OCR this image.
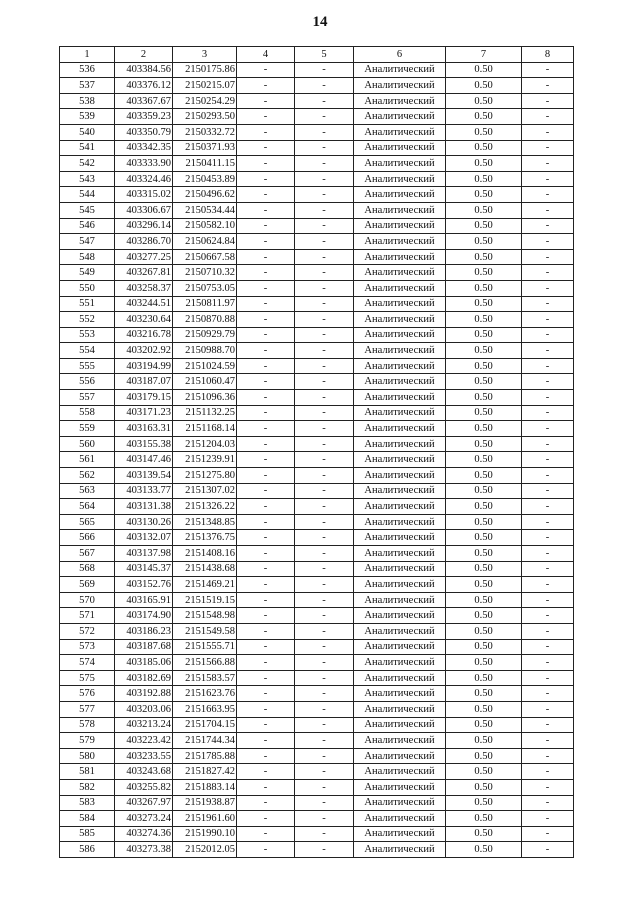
14
1	2	3	4	5	6	7	8
536	403384.56	2150175.86	-	-	Аналитический	0.50	-
537	403376.12	2150215.07	-	-	Аналитический	0.50	-
538	403367.67	2150254.29	-	-	Аналитический	0.50	-
539	403359.23	2150293.50	-	-	Аналитический	0.50	-
540	403350.79	2150332.72	-	-	Аналитический	0.50	-
541	403342.35	2150371.93	-	-	Аналитический	0.50	-
542	403333.90	2150411.15	-	-	Аналитический	0.50	-
543	403324.46	2150453.89	-	-	Аналитический	0.50	-
544	403315.02	2150496.62	-	-	Аналитический	0.50	-
545	403306.67	2150534.44	-	-	Аналитический	0.50	-
546	403296.14	2150582.10	-	-	Аналитический	0.50	-
547	403286.70	2150624.84	-	-	Аналитический	0.50	-
548	403277.25	2150667.58	-	-	Аналитический	0.50	-
549	403267.81	2150710.32	-	-	Аналитический	0.50	-
550	403258.37	2150753.05	-	-	Аналитический	0.50	-
551	403244.51	2150811.97	-	-	Аналитический	0.50	-
552	403230.64	2150870.88	-	-	Аналитический	0.50	-
553	403216.78	2150929.79	-	-	Аналитический	0.50	-
554	403202.92	2150988.70	-	-	Аналитический	0.50	-
555	403194.99	2151024.59	-	-	Аналитический	0.50	-
556	403187.07	2151060.47	-	-	Аналитический	0.50	-
557	403179.15	2151096.36	-	-	Аналитический	0.50	-
558	403171.23	2151132.25	-	-	Аналитический	0.50	-
559	403163.31	2151168.14	-	-	Аналитический	0.50	-
560	403155.38	2151204.03	-	-	Аналитический	0.50	-
561	403147.46	2151239.91	-	-	Аналитический	0.50	-
562	403139.54	2151275.80	-	-	Аналитический	0.50	-
563	403133.77	2151307.02	-	-	Аналитический	0.50	-
564	403131.38	2151326.22	-	-	Аналитический	0.50	-
565	403130.26	2151348.85	-	-	Аналитический	0.50	-
566	403132.07	2151376.75	-	-	Аналитический	0.50	-
567	403137.98	2151408.16	-	-	Аналитический	0.50	-
568	403145.37	2151438.68	-	-	Аналитический	0.50	-
569	403152.76	2151469.21	-	-	Аналитический	0.50	-
570	403165.91	2151519.15	-	-	Аналитический	0.50	-
571	403174.90	2151548.98	-	-	Аналитический	0.50	-
572	403186.23	2151549.58	-	-	Аналитический	0.50	-
573	403187.68	2151555.71	-	-	Аналитический	0.50	-
574	403185.06	2151566.88	-	-	Аналитический	0.50	-
575	403182.69	2151583.57	-	-	Аналитический	0.50	-
576	403192.88	2151623.76	-	-	Аналитический	0.50	-
577	403203.06	2151663.95	-	-	Аналитический	0.50	-
578	403213.24	2151704.15	-	-	Аналитический	0.50	-
579	403223.42	2151744.34	-	-	Аналитический	0.50	-
580	403233.55	2151785.88	-	-	Аналитический	0.50	-
581	403243.68	2151827.42	-	-	Аналитический	0.50	-
582	403255.82	2151883.14	-	-	Аналитический	0.50	-
583	403267.97	2151938.87	-	-	Аналитический	0.50	-
584	403273.24	2151961.60	-	-	Аналитический	0.50	-
585	403274.36	2151990.10	-	-	Аналитический	0.50	-
586	403273.38	2152012.05	-	-	Аналитический	0.50	-
